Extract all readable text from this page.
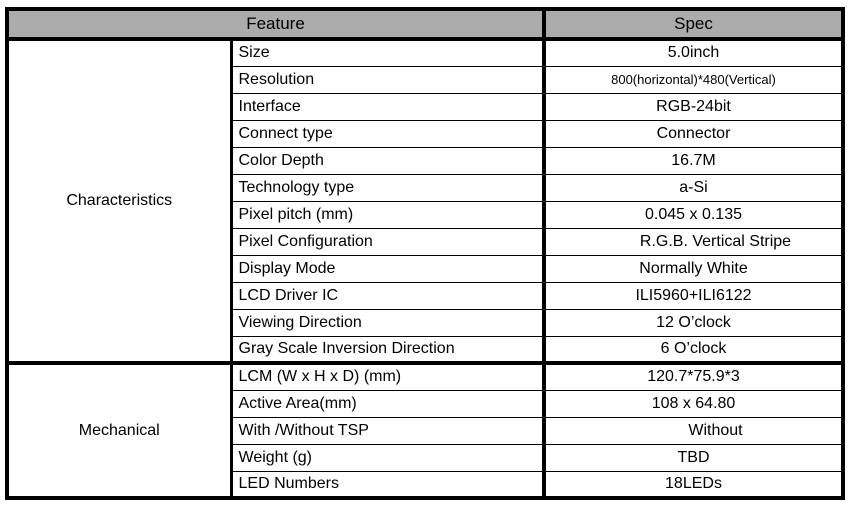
Feature		Spec
Characteristics	Size	5.0inch
	Resolution	800(horizontal)*480(Vertical)
	Interface	RGB-24bit
	Connect type	Connector
	Color Depth	16.7M
	Technology type	a-Si
	Pixel pitch (mm)	0.045 x 0.135
	Pixel Configuration	R.G.B. Vertical Stripe
	Display Mode	Normally White
	LCD Driver IC	ILI5960+ILI6122
	Viewing Direction	12 O’clock
	Gray Scale Inversion Direction	6 O’clock
Mechanical	LCM (W x H x D) (mm)	120.7*75.9*3
	Active Area(mm)	108 x 64.80
	With /Without TSP	Without
	Weight (g)	TBD
	LED Numbers	18LEDs
